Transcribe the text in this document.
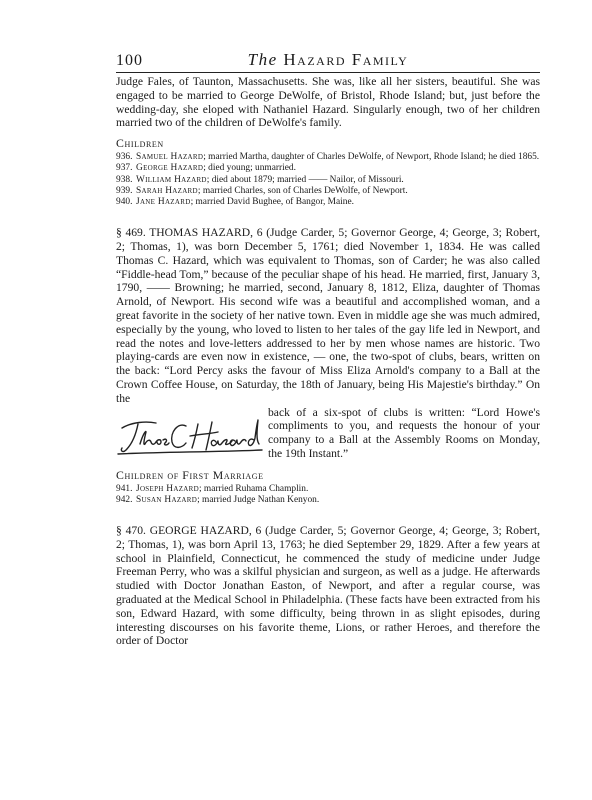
100	The Hazard Family

Judge Fales, of Taunton, Massachusetts. She was, like all her sisters, beautiful. She was engaged to be married to George DeWolfe, of Bristol, Rhode Island; but, just before the wedding-day, she eloped with Nathaniel Hazard. Singularly enough, two of her children married two of the children of DeWolfe's family.

Children
936. Samuel Hazard; married Martha, daughter of Charles DeWolfe, of Newport, Rhode Island; he died 1865.
937. George Hazard; died young; unmarried.
938. William Hazard; died about 1879; married —— Nailor, of Missouri.
939. Sarah Hazard; married Charles, son of Charles DeWolfe, of Newport.
940. Jane Hazard; married David Bughee, of Bangor, Maine.

§ 469. THOMAS HAZARD, 6 (Judge Carder, 5; Governor George, 4; George, 3; Robert, 2; Thomas, 1), was born December 5, 1761; died November 1, 1834. He was called Thomas C. Hazard, which was equivalent to Thomas, son of Carder; he was also called “Fiddle-head Tom,” because of the peculiar shape of his head. He married, first, January 3, 1790, —— Browning; he married, second, January 8, 1812, Eliza, daughter of Thomas Arnold, of Newport. His second wife was a beautiful and accomplished woman, and a great favorite in the society of her native town. Even in middle age she was much admired, especially by the young, who loved to listen to her tales of the gay life led in Newport, and read the notes and love-letters addressed to her by men whose names are historic. Two playing-cards are even now in existence, — one, the two-spot of clubs, bears, written on the back: “Lord Percy asks the favour of Miss Eliza Arnold's company to a Ball at the Crown Coffee House, on Saturday, the 18th of January, being His Majestie's birthday.” On the

back of a six-spot of clubs is written: “Lord Howe's compliments to you, and requests the honour of your company to a Ball at the Assembly Rooms on Monday, the 19th Instant.”

Children of First Marriage
941. Joseph Hazard; married Ruhama Champlin.
942. Susan Hazard; married Judge Nathan Kenyon.

§ 470. GEORGE HAZARD, 6 (Judge Carder, 5; Governor George, 4; George, 3; Robert, 2; Thomas, 1), was born April 13, 1763; he died September 29, 1829. After a few years at school in Plainfield, Connecticut, he commenced the study of medicine under Judge Freeman Perry, who was a skilful physician and surgeon, as well as a judge. He afterwards studied with Doctor Jonathan Easton, of Newport, and after a regular course, was graduated at the Medical School in Philadelphia. (These facts have been extracted from his son, Edward Hazard, with some difficulty, being thrown in as slight episodes, during interesting discourses on his favorite theme, Lions, or rather Heroes, and therefore the order of Doctor
